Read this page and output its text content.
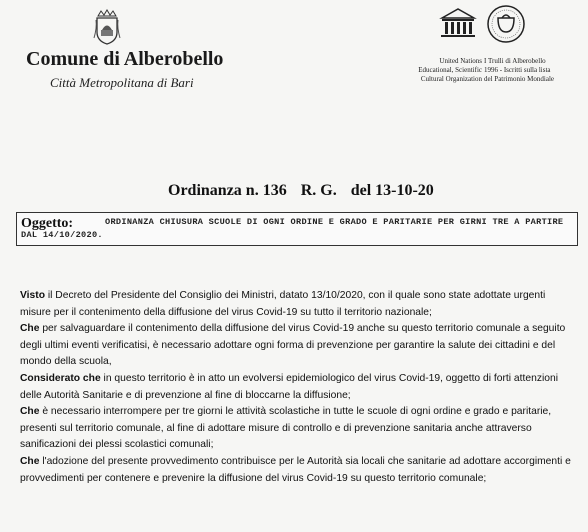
Comune di Alberobello
Città Metropolitana di Bari
United Nations
Educational, Scientific
Cultural Organization
I Trulli di Alberobello
1996 - Iscritti sulla lista
del Patrimonio Mondiale
Ordinanza n. 136 R. G. del 13-10-20
Oggetto:	ORDINANZA CHIUSURA SCUOLE DI OGNI ORDINE E GRADO E PARITARIE PER GIRNI TRE A PARTIRE DAL 14/10/2020.

Visto il Decreto del Presidente del Consiglio dei Ministri, datato 13/10/2020, con il quale sono state adottate urgenti misure per il contenimento della diffusione del virus Covid-19 su tutto il territorio nazionale;

Che per salvaguardare il contenimento della diffusione del virus Covid-19 anche su questo territorio comunale a seguito degli ultimi eventi verificatisi, è necessario adottare ogni forma di prevenzione per garantire la salute dei cittadini e del mondo della scuola,

Considerato che in questo territorio è in atto un evolversi epidemiologico del virus Covid-19, oggetto di forti attenzioni delle Autorità Sanitarie e di prevenzione al fine di bloccarne la diffusione;

Che è necessario interrompere per tre giorni le attività scolastiche in tutte le scuole di ogni ordine e grado e paritarie, presenti sul territorio comunale, al fine di adottare misure di controllo e di prevenzione sanitaria anche attraverso sanificazioni dei plessi scolastici comunali;

Che l'adozione del presente provvedimento contribuisce per le Autorità sia locali che sanitarie ad adottare accorgimenti e provvedimenti per contenere e prevenire la diffusione del virus Covid-19 su questo territorio comunale;
